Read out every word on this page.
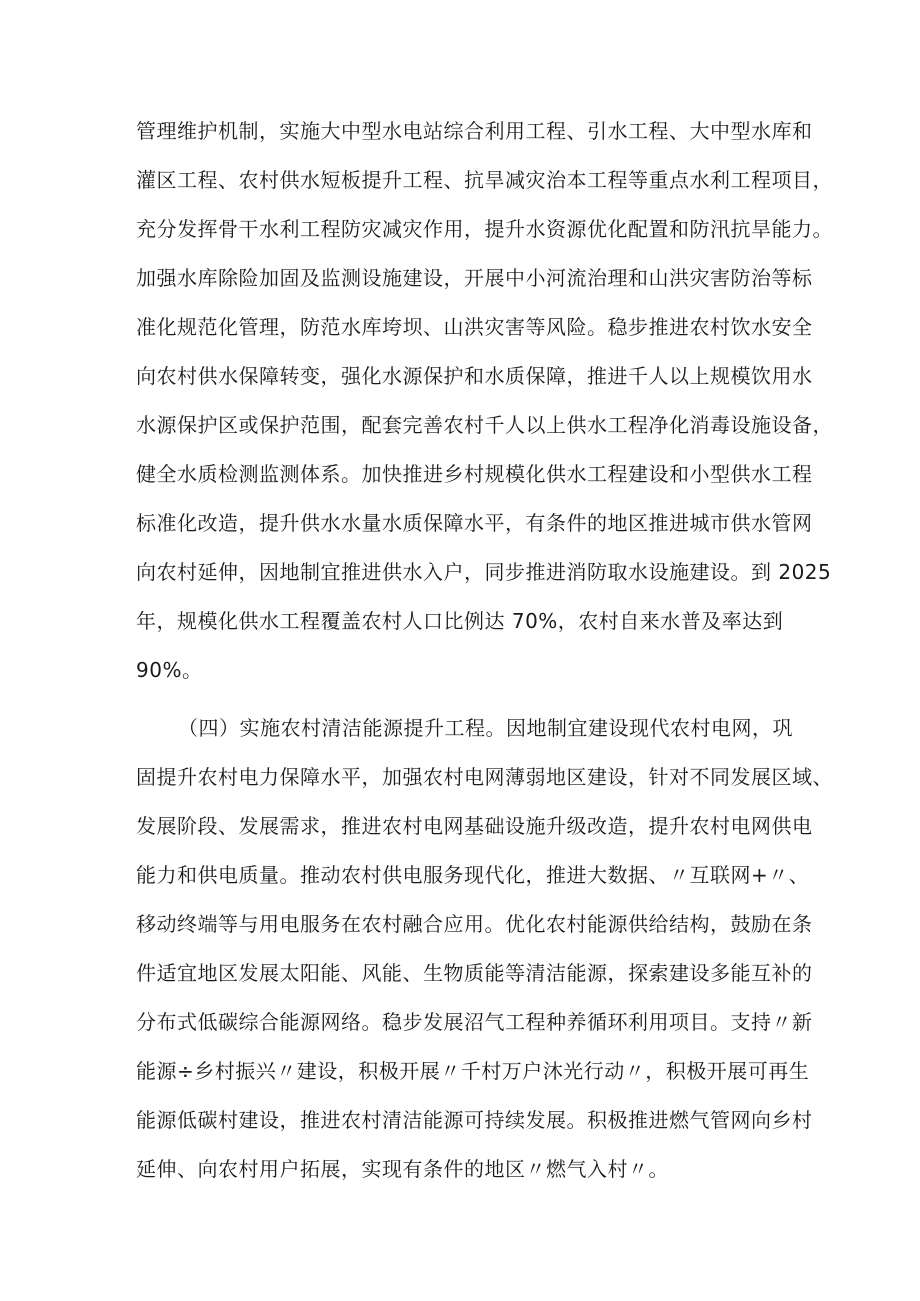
管理维护机制，实施大中型水电站综合利用工程、引水工程、大中型水库和
灌区工程、农村供水短板提升工程、抗旱减灾治本工程等重点水利工程项目，
充分发挥骨干水利工程防灾减灾作用，提升水资源优化配置和防汛抗旱能力。
加强水库除险加固及监测设施建设，开展中小河流治理和山洪灾害防治等标
准化规范化管理，防范水库垮坝、山洪灾害等风险。稳步推进农村饮水安全
向农村供水保障转变，强化水源保护和水质保障，推进千人以上规模饮用水
水源保护区或保护范围，配套完善农村千人以上供水工程净化消毒设施设备，
健全水质检测监测体系。加快推进乡村规模化供水工程建设和小型供水工程
标准化改造，提升供水水量水质保障水平，有条件的地区推进城市供水管网
向农村延伸，因地制宜推进供水入户，同步推进消防取水设施建设。到 2025
年，规模化供水工程覆盖农村人口比例达 70%，农村自来水普及率达到
90%。
（四）实施农村清洁能源提升工程。因地制宜建设现代农村电网，巩
固提升农村电力保障水平，加强农村电网薄弱地区建设，针对不同发展区域、
发展阶段、发展需求，推进农村电网基础设施升级改造，提升农村电网供电
能力和供电质量。推动农村供电服务现代化，推进大数据、〃互联网+〃、
移动终端等与用电服务在农村融合应用。优化农村能源供给结构，鼓励在条
件适宜地区发展太阳能、风能、生物质能等清洁能源，探索建设多能互补的
分布式低碳综合能源网络。稳步发展沼气工程种养循环利用项目。支持〃新
能源÷乡村振兴〃建设，积极开展〃千村万户沐光行动〃，积极开展可再生
能源低碳村建设，推进农村清洁能源可持续发展。积极推进燃气管网向乡村
延伸、向农村用户拓展，实现有条件的地区〃燃气入村〃。
